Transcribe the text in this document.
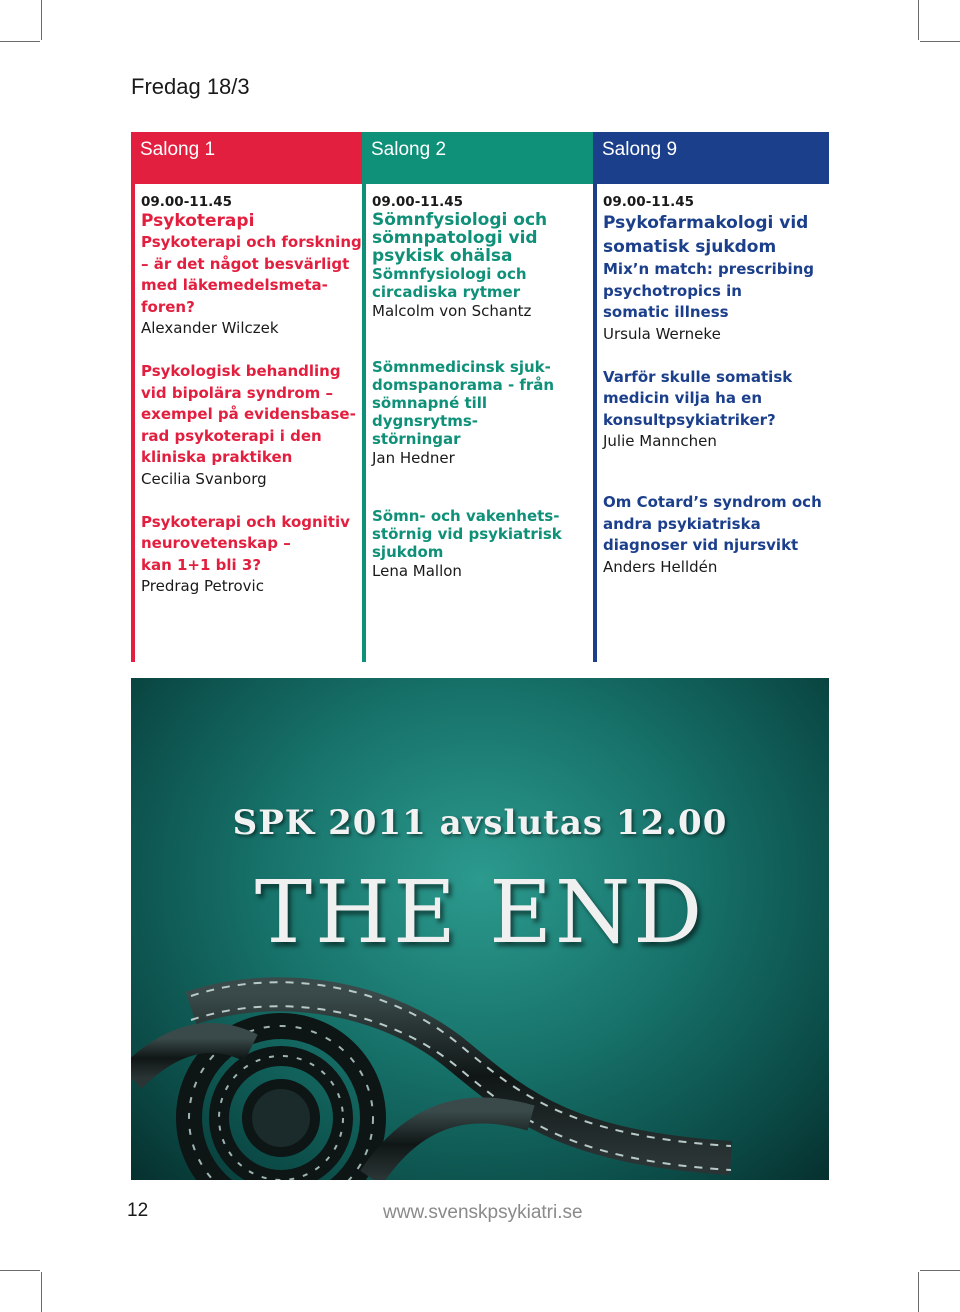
Fredag 18/3
Salong 1
09.00-11.45
Psykoterapi
Psykoterapi och forskning
– är det något besvärligt
med läkemedelsmeta-
foren?
Alexander Wilczek
Psykologisk behandling
vid bipolära syndrom –
exempel på evidensbase-
rad psykoterapi i den
kliniska praktiken
Cecilia Svanborg
Psykoterapi och kognitiv
neurovetenskap –
kan 1+1 bli 3?
Predrag Petrovic
Salong 2
09.00-11.45
Sömnfysiologi och
sömnpatologi vid
psykisk ohälsa
Sömnfysiologi och
circadiska rytmer
Malcolm von Schantz
Sömnmedicinsk sjuk-
domspanorama - från
sömnapné till dygnsrytms-
störningar
Jan Hedner
Sömn- och vakenhets-
störnig vid psykiatrisk
sjukdom
Lena Mallon
Salong 9
09.00-11.45
Psykofarmakologi vid
somatisk sjukdom
Mix’n match: prescribing
psychotropics in
somatic illness
Ursula Werneke
Varför skulle somatisk
medicin vilja ha en
konsultpsykiatriker?
Julie Mannchen
Om Cotard’s syndrom och
andra psykiatriska
diagnoser vid njursvikt
Anders Helldén
SPK 2011 avslutas 12.00
THE END
12	www.svenskpsykiatri.se
